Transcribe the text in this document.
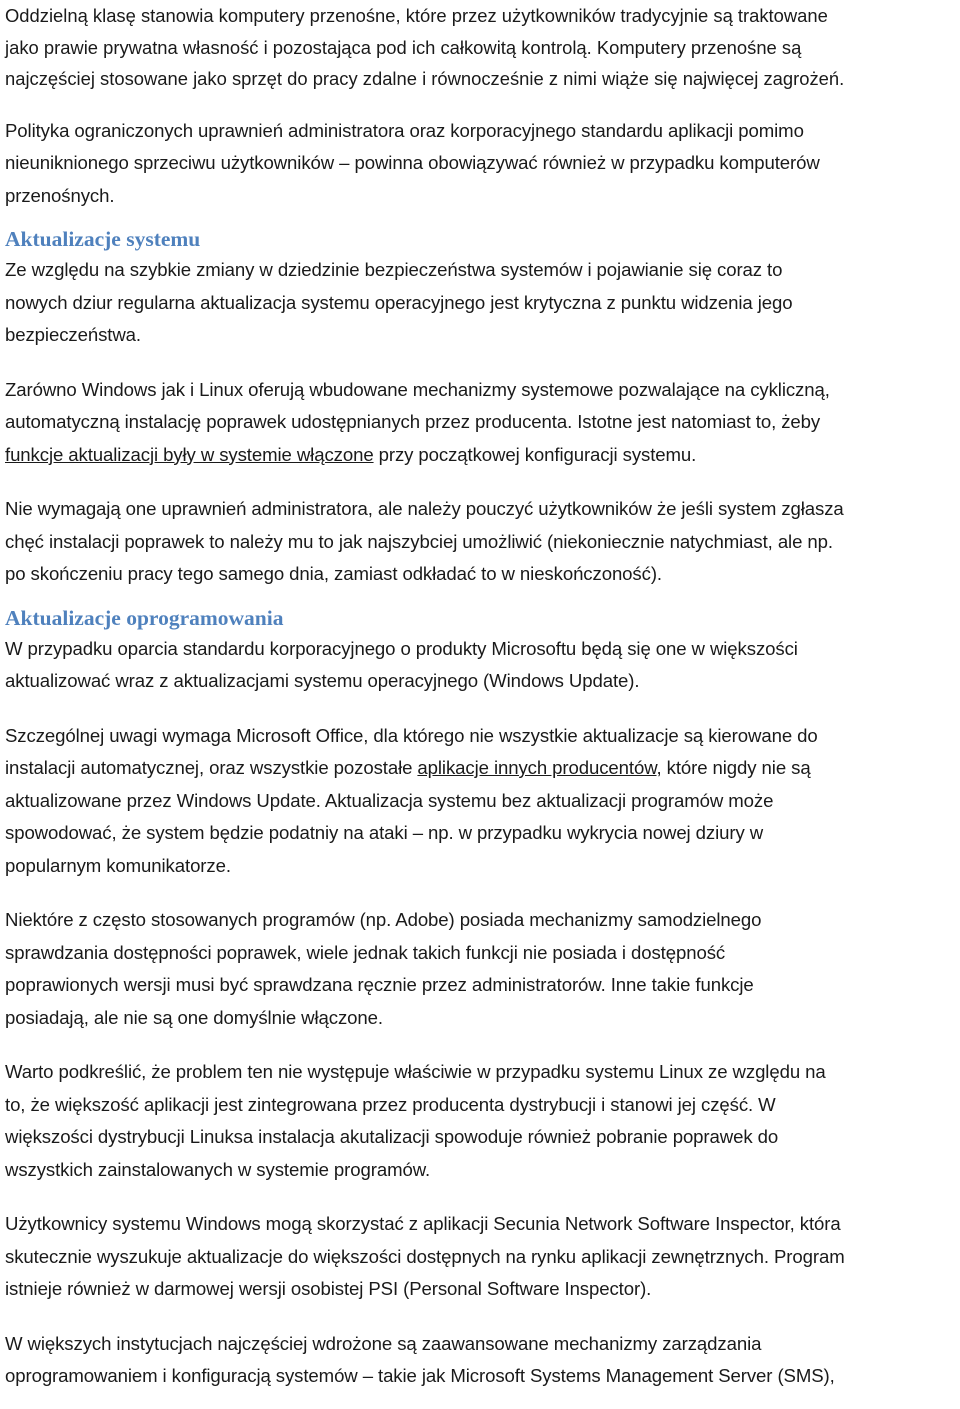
Oddzielną klasę stanowia komputery przenośne, które przez użytkowników tradycyjnie są traktowane

jako prawie prywatna własność i pozostająca pod ich całkowitą kontrolą. Komputery przenośne są

najczęściej stosowane jako sprzęt do pracy zdalne i równocześnie z nimi wiąże się najwięcej zagrożeń.

Polityka ograniczonych uprawnień administratora oraz korporacyjnego standardu aplikacji pomimo

nieuniknionego sprzeciwu użytkowników – powinna obowiązywać również w przypadku komputerów

przenośnych.

Aktualizacje systemu

Ze względu na szybkie zmiany w dziedzinie bezpieczeństwa systemów i pojawianie się coraz to

nowych dziur regularna aktualizacja systemu operacyjnego jest krytyczna z punktu widzenia jego

bezpieczeństwa.

Zarówno Windows jak i Linux oferują wbudowane mechanizmy systemowe pozwalające na cykliczną,

automatyczną instalację poprawek udostępnianych przez producenta. Istotne jest natomiast to, żeby

funkcje aktualizacji były w systemie włączone przy początkowej konfiguracji systemu.

Nie wymagają one uprawnień administratora, ale należy pouczyć użytkowników że jeśli system zgłasza

chęć instalacji poprawek to należy mu to jak najszybciej umożliwić (niekoniecznie natychmiast, ale np.

po skończeniu pracy tego samego dnia, zamiast odkładać to w nieskończoność).

Aktualizacje oprogramowania

W przypadku oparcia standardu korporacyjnego o produkty Microsoftu będą się one w większości

aktualizować wraz z aktualizacjami systemu operacyjnego (Windows Update).

Szczególnej uwagi wymaga Microsoft Office, dla którego nie wszystkie aktualizacje są kierowane do

instalacji automatycznej, oraz wszystkie pozostałe aplikacje innych producentów, które nigdy nie są

aktualizowane przez Windows Update. Aktualizacja systemu bez aktualizacji programów może

spowodować, że system będzie podatniy na ataki – np. w przypadku wykrycia nowej dziury w

popularnym komunikatorze.

Niektóre z często stosowanych programów (np. Adobe) posiada mechanizmy samodzielnego

sprawdzania dostępności poprawek, wiele jednak takich funkcji nie posiada i dostępność

poprawionych wersji musi być sprawdzana ręcznie przez administratorów. Inne takie funkcje

posiadają, ale nie są one domyślnie włączone.

Warto podkreślić, że problem ten nie występuje właściwie w przypadku systemu Linux ze względu na

to, że większość aplikacji jest zintegrowana przez producenta dystrybucji i stanowi jej część. W

większości dystrybucji Linuksa instalacja akutalizacji spowoduje również pobranie poprawek do

wszystkich zainstalowanych w systemie programów.

Użytkownicy systemu Windows mogą skorzystać z aplikacji Secunia Network Software Inspector, która

skutecznie wyszukuje aktualizacje do większości dostępnych na rynku aplikacji zewnętrznych. Program

istnieje również w darmowej wersji osobistej PSI (Personal Software Inspector).

W większych instytucjach najczęściej wdrożone są zaawansowane mechanizmy zarządzania

oprogramowaniem i konfiguracją systemów – takie jak Microsoft Systems Management Server (SMS),
